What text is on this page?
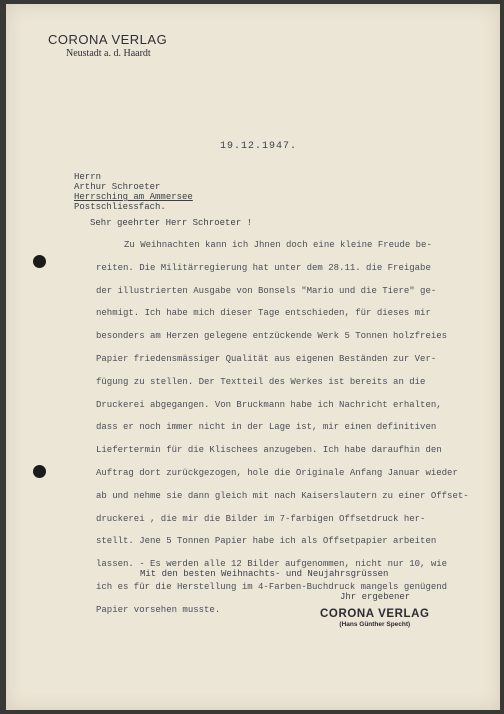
CORONA VERLAG
Neustadt a. d. Haardt
19.12.1947.
Herrn
Arthur Schroeter
Herrsching am Ammersee
Postschliessfach.
Sehr geehrter Herr Schroeter !
Zu Weihnachten kann ich Jhnen doch eine kleine Freude be-
reiten. Die Militärregierung hat unter dem 28.11. die Freigabe
der illustrierten Ausgabe von Bonsels "Mario und die Tiere" ge-
nehmigt. Ich habe mich dieser Tage entschieden, für dieses mir
besonders am Herzen gelegene entzückende Werk 5 Tonnen holzfreies
Papier friedensmässiger Qualität aus eigenen Beständen zur Ver-
fügung zu stellen. Der Textteil des Werkes ist bereits an die
Druckerei abgegangen. Von Bruckmann habe ich Nachricht erhalten,
dass er noch immer nicht in der Lage ist, mir einen definitiven
Liefertermin für die Klischees anzugeben. Ich habe daraufhin den
Auftrag dort zurückgezogen, hole die Originale Anfang Januar wieder
ab und nehme sie dann gleich mit nach Kaiserslautern zu einer Offset-
druckerei , die mir die Bilder im 7-farbigen Offsetdruck her-
stellt. Jene 5 Tonnen Papier habe ich als Offsetpapier arbeiten
lassen. - Es werden alle 12 Bilder aufgenommen, nicht nur 10, wie
ich es für die Herstellung im 4-Farben-Buchdruck mangels genügend
Papier vorsehen musste.
Mit den besten Weihnachts- und Neujahrsgrüssen
Jhr ergebener
CORONA VERLAG
(Hans Günther Specht)
